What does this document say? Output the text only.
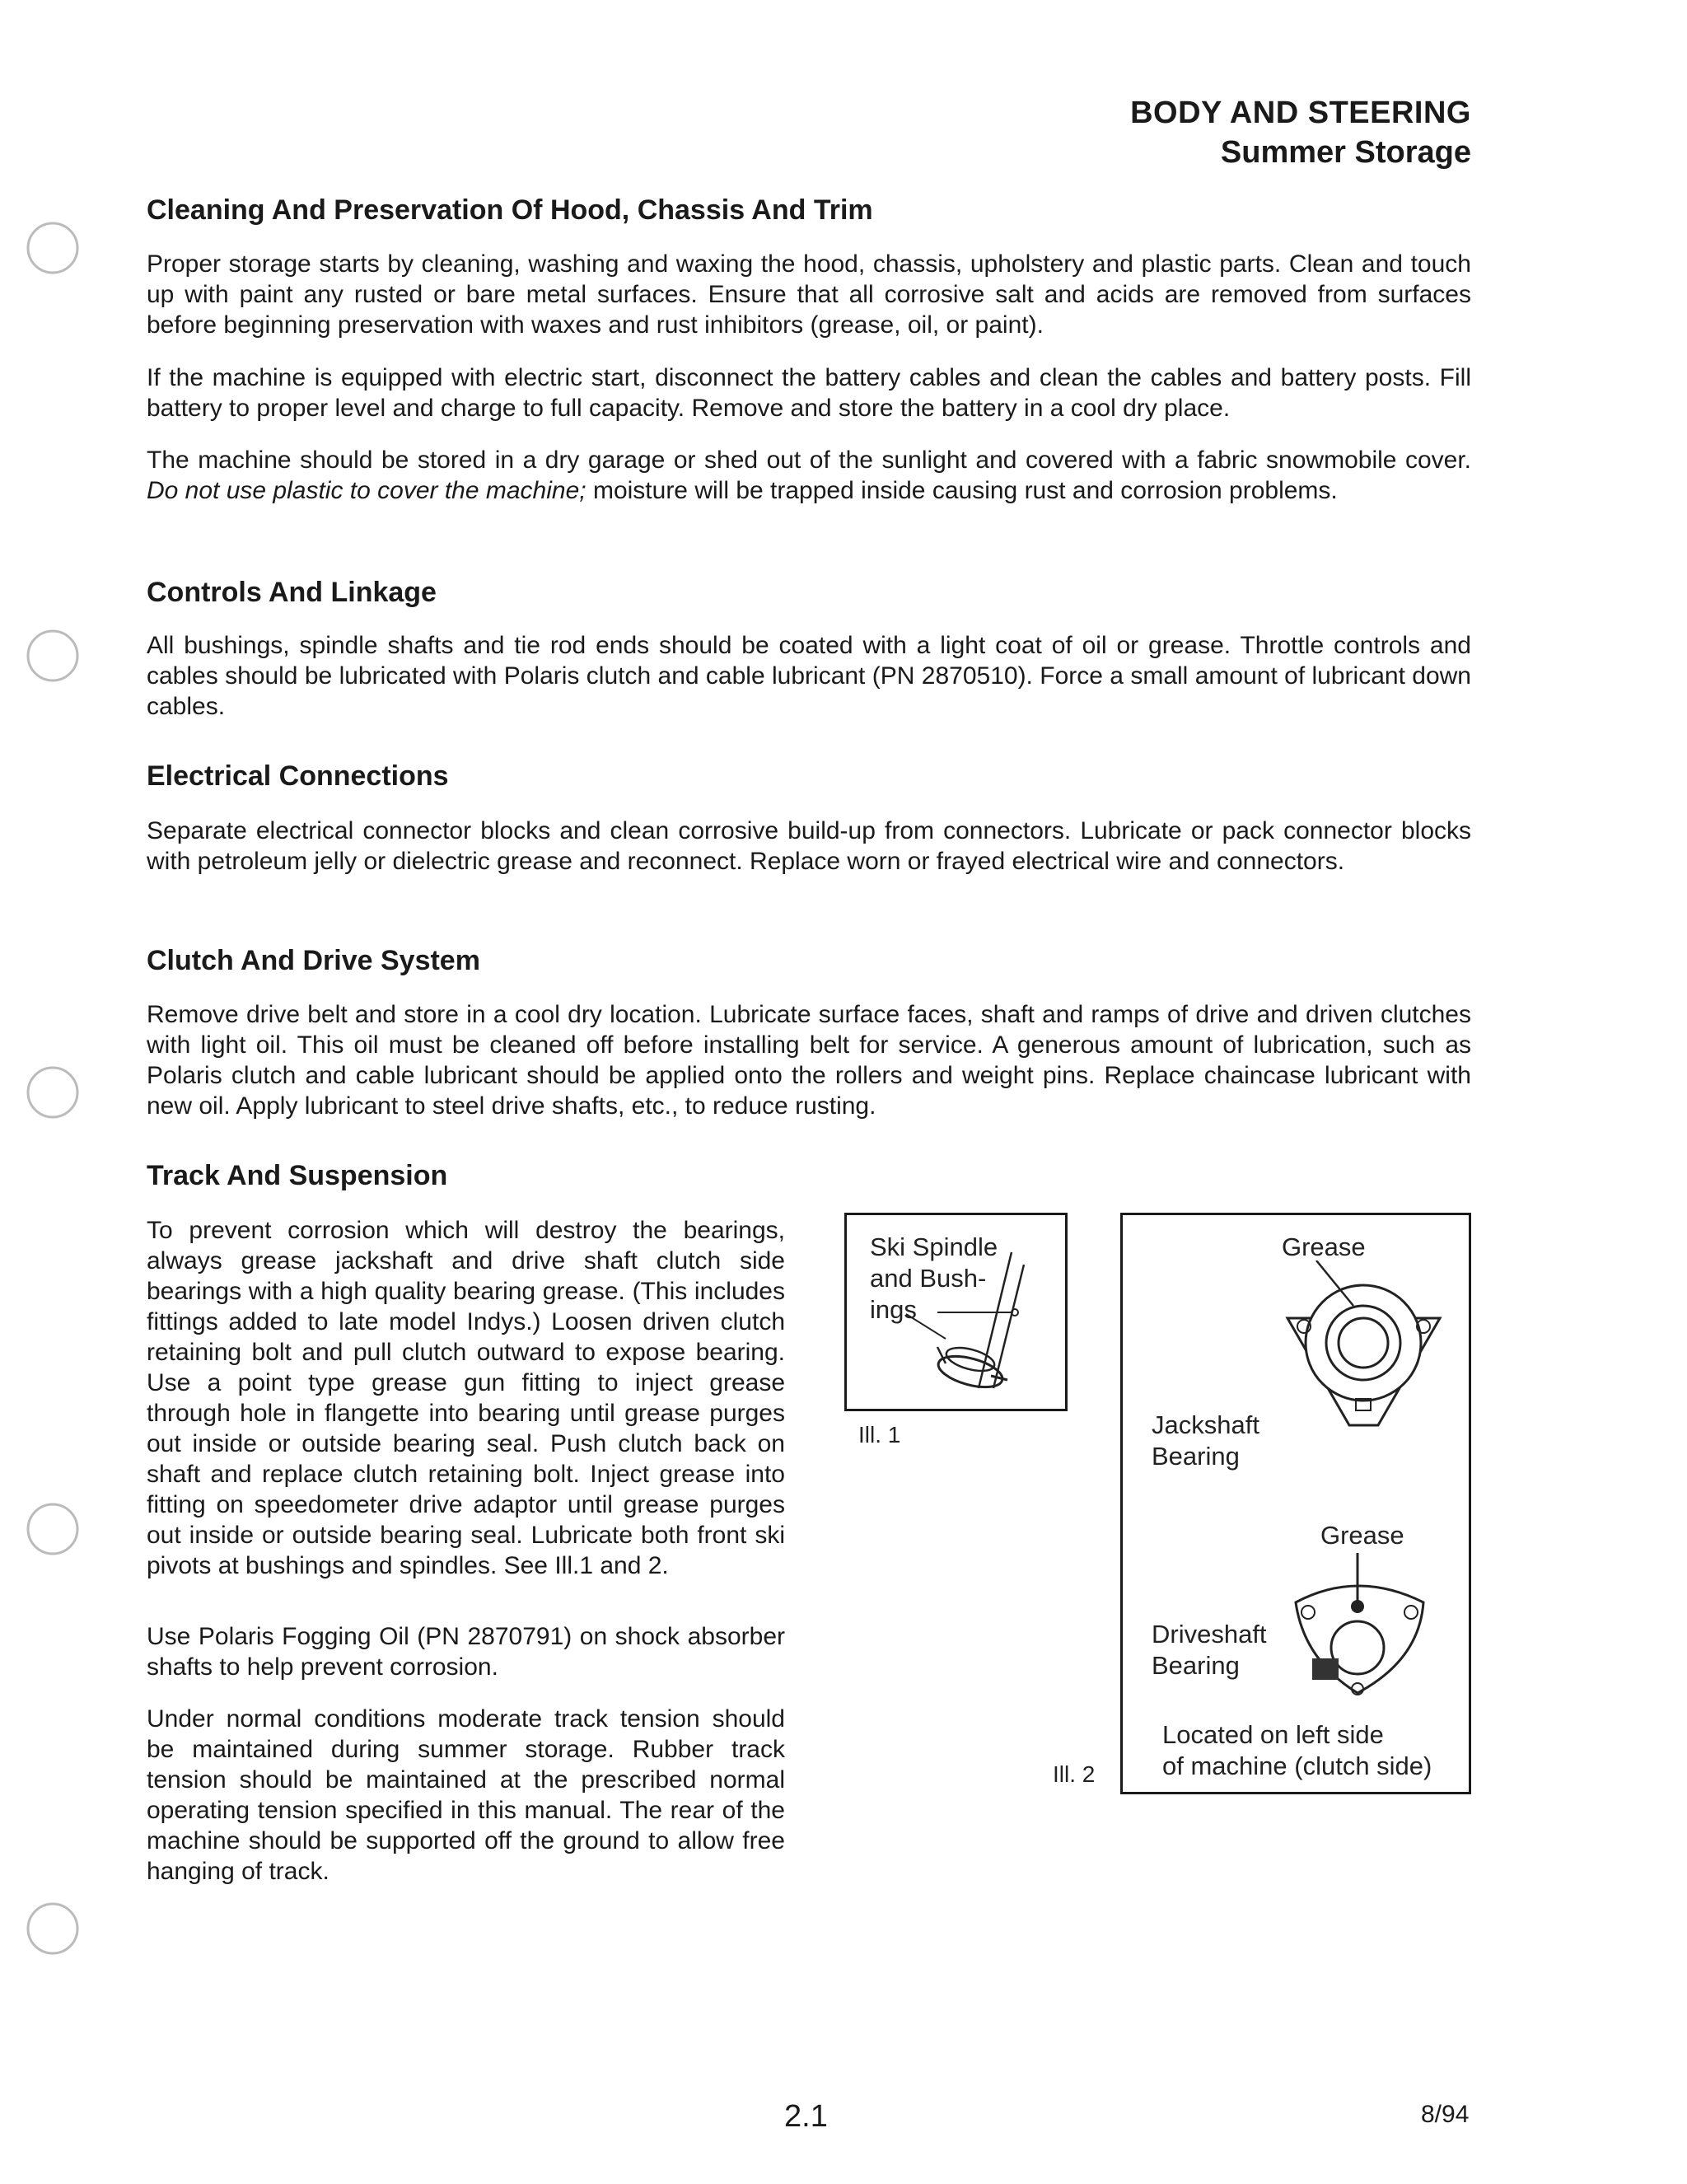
BODY AND STEERING
Summer Storage
Cleaning And Preservation Of Hood, Chassis And Trim

Proper storage starts by cleaning, washing and waxing the hood, chassis, upholstery and plastic parts. Clean and touch up with paint any rusted or bare metal surfaces. Ensure that all corrosive salt and acids are removed from surfaces before beginning preservation with waxes and rust inhibitors (grease, oil, or paint).

If the machine is equipped with electric start, disconnect the battery cables and clean the cables and battery posts. Fill battery to proper level and charge to full capacity. Remove and store the battery in a cool dry place.

The machine should be stored in a dry garage or shed out of the sunlight and covered with a fabric snowmobile cover. Do not use plastic to cover the machine; moisture will be trapped inside causing rust and corrosion problems.

Controls And Linkage

All bushings, spindle shafts and tie rod ends should be coated with a light coat of oil or grease. Throttle controls and cables should be lubricated with Polaris clutch and cable lubricant (PN 2870510). Force a small amount of lubricant down cables.

Electrical Connections

Separate electrical connector blocks and clean corrosive build-up from connectors. Lubricate or pack connector blocks with petroleum jelly or dielectric grease and reconnect. Replace worn or frayed electrical wire and connectors.

Clutch And Drive System

Remove drive belt and store in a cool dry location. Lubricate surface faces, shaft and ramps of drive and driven clutches with light oil. This oil must be cleaned off before installing belt for service. A generous amount of lubrication, such as Polaris clutch and cable lubricant should be applied onto the rollers and weight pins. Replace chaincase lubricant with new oil. Apply lubricant to steel drive shafts, etc., to reduce rusting.

Track And Suspension

To prevent corrosion which will destroy the bearings, always grease jackshaft and drive shaft clutch side bearings with a high quality bearing grease. (This includes fittings added to late model Indys.) Loosen driven clutch retaining bolt and pull clutch outward to expose bearing. Use a point type grease gun fitting to inject grease through hole in flangette into bearing until grease purges out inside or outside bearing seal. Push clutch back on shaft and replace clutch retaining bolt. Inject grease into fitting on speedometer drive adaptor until grease purges out inside or outside bearing seal. Lubricate both front ski pivots at bushings and spindles. See Ill.1 and 2.

Use Polaris Fogging Oil (PN 2870791) on shock absorber shafts to help prevent corrosion.

Under normal conditions moderate track tension should be maintained during summer storage. Rubber track tension should be maintained at the prescribed normal operating tension specified in this manual. The rear of the machine should be supported off the ground to allow free hanging of track.

Ski Spindle
and Bush-
ings
Ill. 1
Grease
Jackshaft
Bearing
Grease
Driveshaft
Bearing
Located on left side
of machine (clutch side)
Ill. 2
2.1	8/94
